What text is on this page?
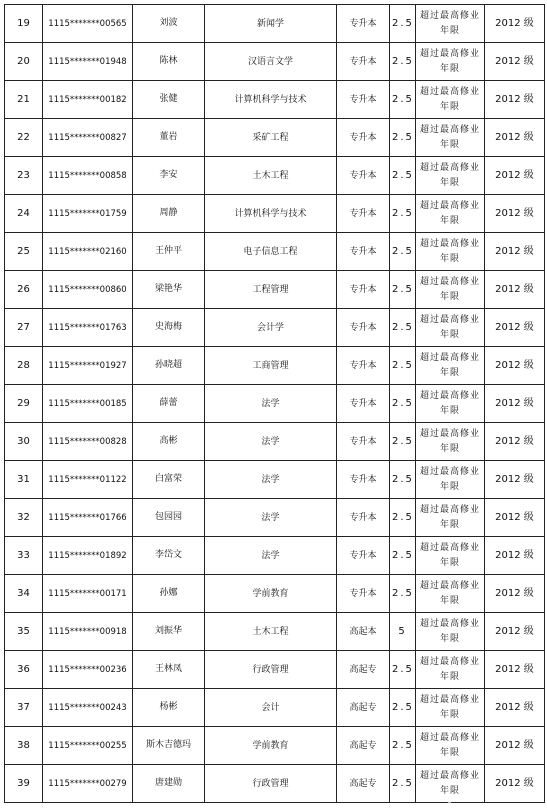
19	1115*******00565	刘波	新闻学	专升本	2.5	超过最高修业年限	2012 级
20	1115*******01948	陈林	汉语言文学	专升本	2.5	超过最高修业年限	2012 级
21	1115*******00182	张健	计算机科学与技术	专升本	2.5	超过最高修业年限	2012 级
22	1115*******00827	董岩	采矿工程	专升本	2.5	超过最高修业年限	2012 级
23	1115*******00858	李安	土木工程	专升本	2.5	超过最高修业年限	2012 级
24	1115*******01759	周静	计算机科学与技术	专升本	2.5	超过最高修业年限	2012 级
25	1115*******02160	王仲平	电子信息工程	专升本	2.5	超过最高修业年限	2012 级
26	1115*******00860	梁艳华	工程管理	专升本	2.5	超过最高修业年限	2012 级
27	1115*******01763	史海梅	会计学	专升本	2.5	超过最高修业年限	2012 级
28	1115*******01927	孙晓超	工商管理	专升本	2.5	超过最高修业年限	2012 级
29	1115*******00185	薛蕾	法学	专升本	2.5	超过最高修业年限	2012 级
30	1115*******00828	高彬	法学	专升本	2.5	超过最高修业年限	2012 级
31	1115*******01122	白富荣	法学	专升本	2.5	超过最高修业年限	2012 级
32	1115*******01766	包园园	法学	专升本	2.5	超过最高修业年限	2012 级
33	1115*******01892	李岱文	法学	专升本	2.5	超过最高修业年限	2012 级
34	1115*******00171	孙娜	学前教育	专升本	2.5	超过最高修业年限	2012 级
35	1115*******00918	刘振华	土木工程	高起本	5	超过最高修业年限	2012 级
36	1115*******00236	王林凤	行政管理	高起专	2.5	超过最高修业年限	2012 级
37	1115*******00243	杨彬	会计	高起专	2.5	超过最高修业年限	2012 级
38	1115*******00255	斯木吉德玛	学前教育	高起专	2.5	超过最高修业年限	2012 级
39	1115*******00279	唐建勋	行政管理	高起专	2.5	超过最高修业年限	2012 级
